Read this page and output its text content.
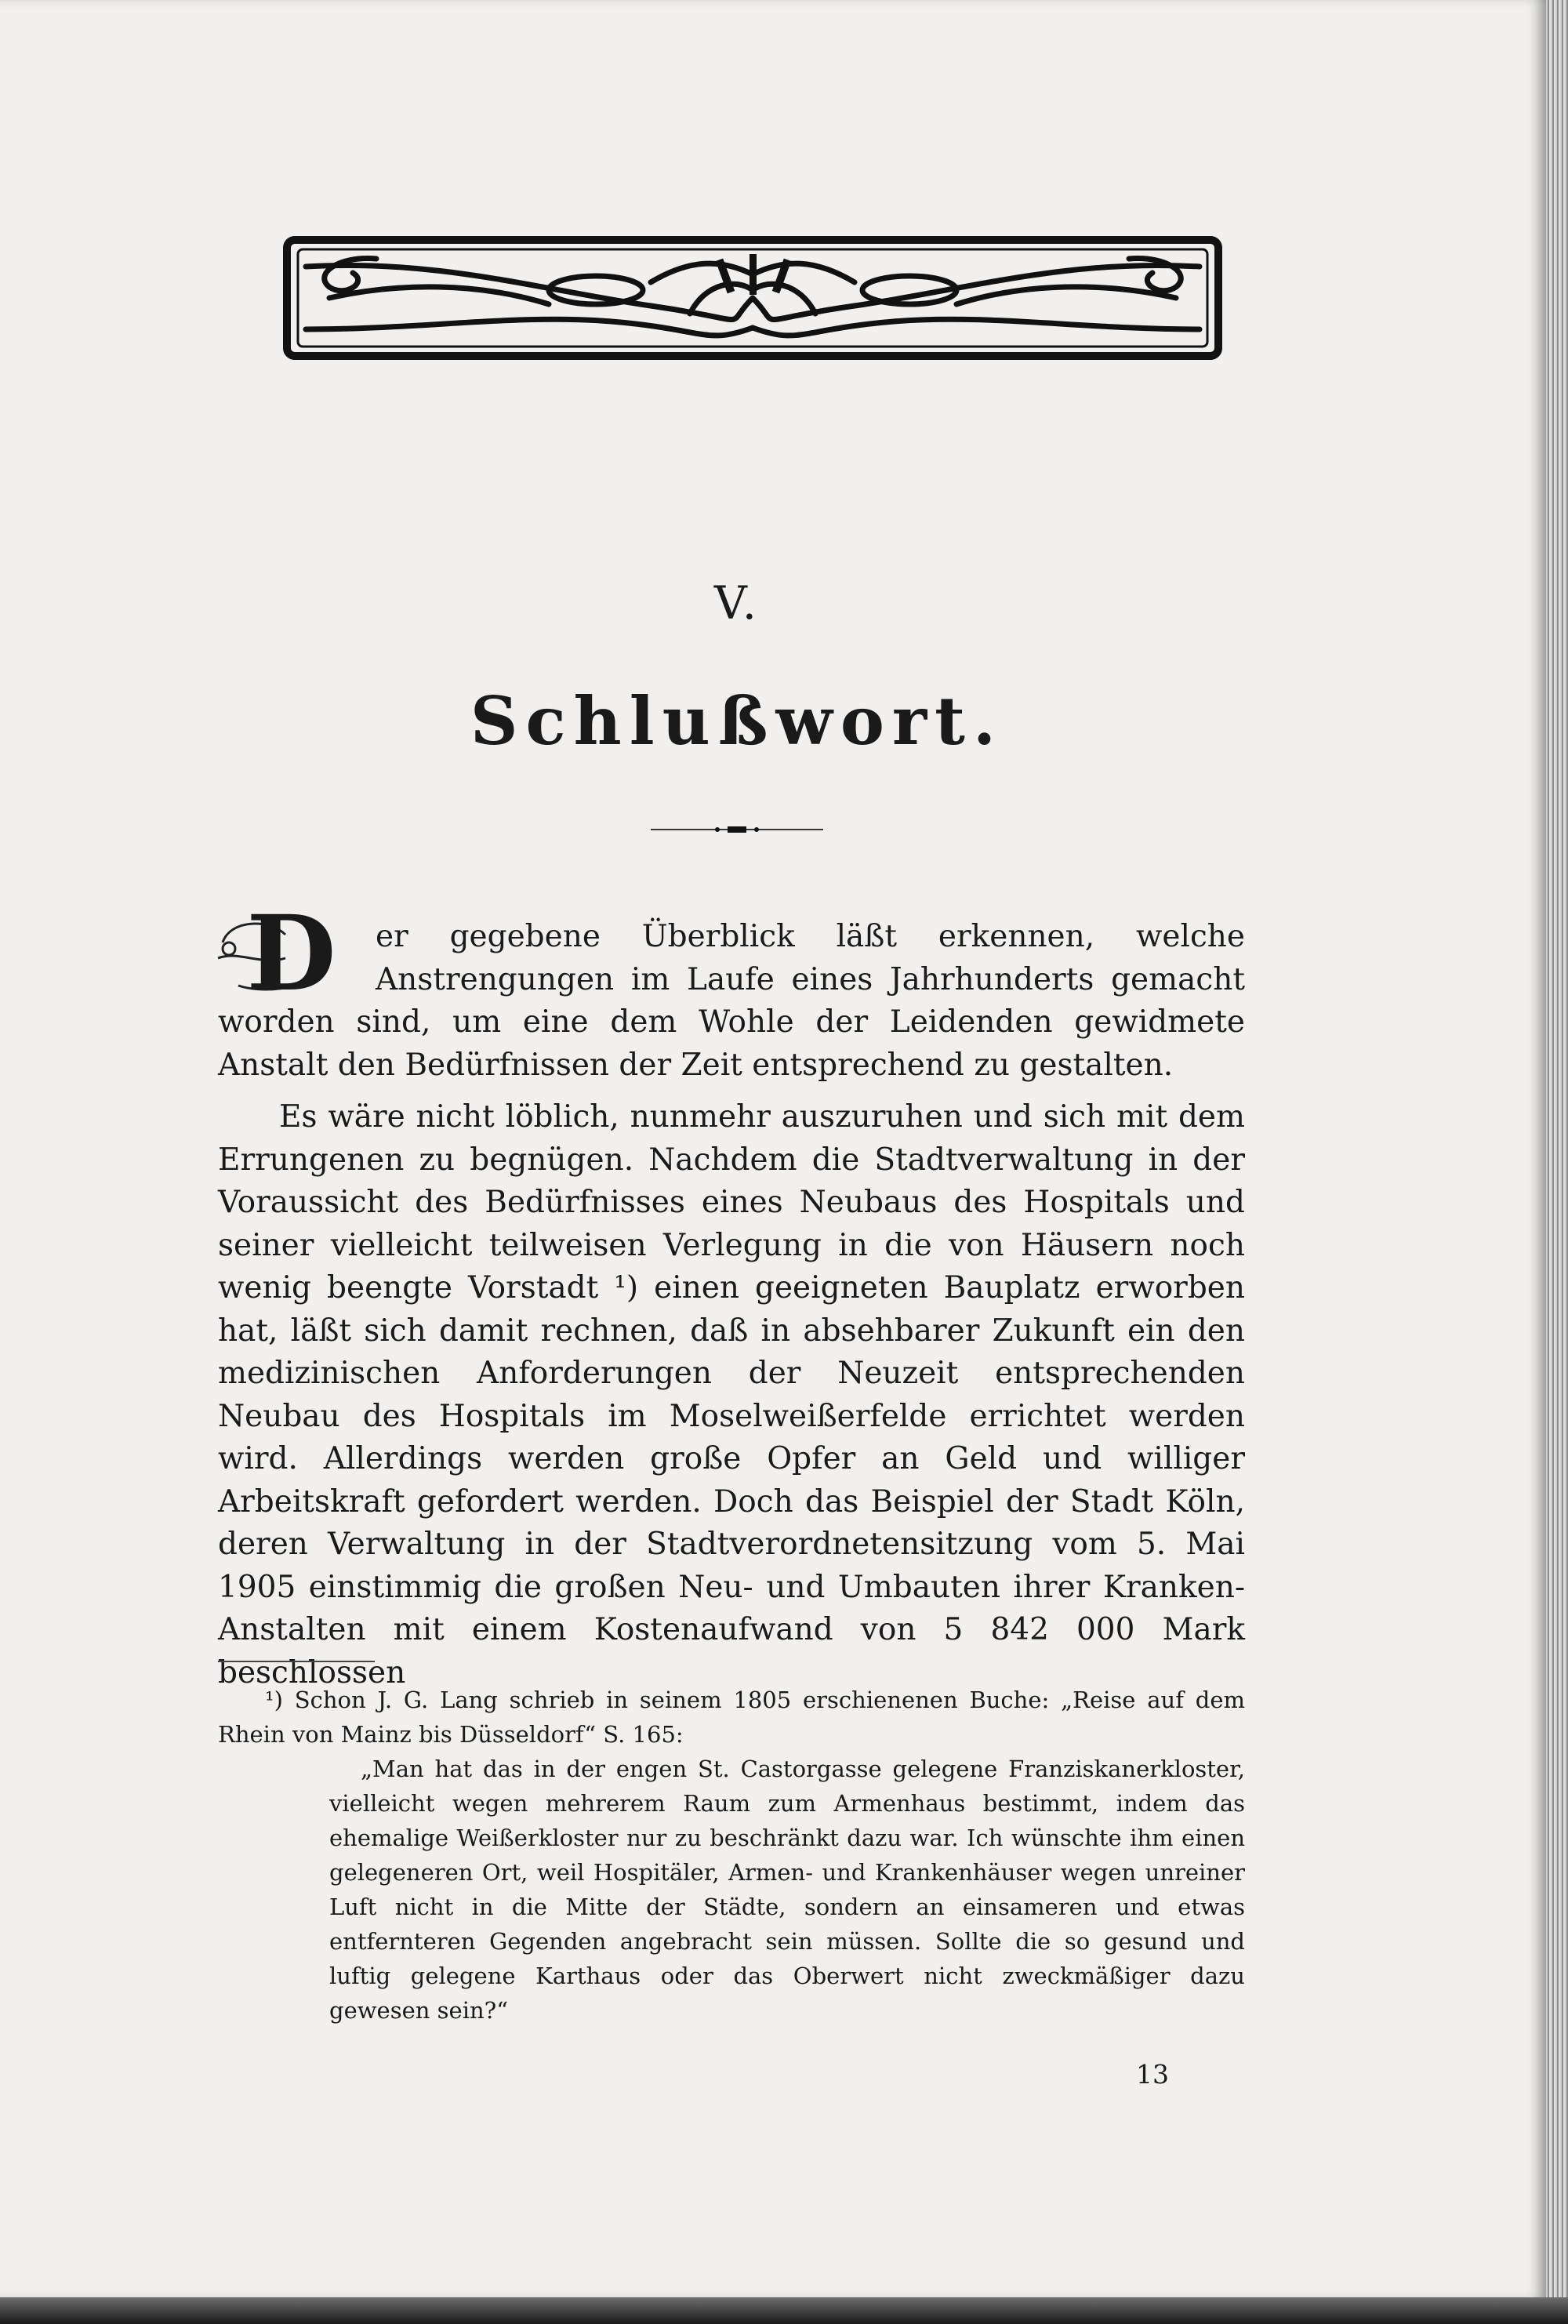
V.
Schlußwort.

D	er gegebene Überblick läßt erkennen, welche Anstrengungen im Laufe eines Jahrhunderts gemacht worden sind, um eine dem Wohle der Leidenden gewidmete Anstalt den Bedürfnissen der Zeit entsprechend zu gestalten.

Es wäre nicht löblich, nunmehr auszuruhen und sich mit dem Errungenen zu begnügen. Nachdem die Stadtverwaltung in der Voraussicht des Bedürfnisses eines Neubaus des Hospitals und seiner vielleicht teilweisen Verlegung in die von Häusern noch wenig beengte Vorstadt ¹) einen geeigneten Bauplatz erworben hat, läßt sich damit rechnen, daß in absehbarer Zukunft ein den medizinischen Anforderungen der Neuzeit entsprechenden Neubau des Hospitals im Moselweißerfelde errichtet werden wird. Allerdings werden große Opfer an Geld und williger Arbeitskraft gefordert werden. Doch das Beispiel der Stadt Köln, deren Verwaltung in der Stadtverordnetensitzung vom 5. Mai 1905 einstimmig die großen Neu- und Umbauten ihrer Kranken-Anstalten mit einem Kostenaufwand von 5 842 000 Mark beschlossen

¹) Schon J. G. Lang schrieb in seinem 1805 erschienenen Buche: „Reise auf dem Rhein von Mainz bis Düsseldorf“ S. 165:

„Man hat das in der engen St. Castorgasse gelegene Franziskanerkloster, vielleicht wegen mehrerem Raum zum Armenhaus bestimmt, indem das ehemalige Weißerkloster nur zu beschränkt dazu war. Ich wünschte ihm einen gelegeneren Ort, weil Hospitäler, Armen- und Krankenhäuser wegen unreiner Luft nicht in die Mitte der Städte, sondern an einsameren und etwas entfernteren Gegenden angebracht sein müssen. Sollte die so gesund und luftig gelegene Karthaus oder das Oberwert nicht zweckmäßiger dazu gewesen sein?“

13
